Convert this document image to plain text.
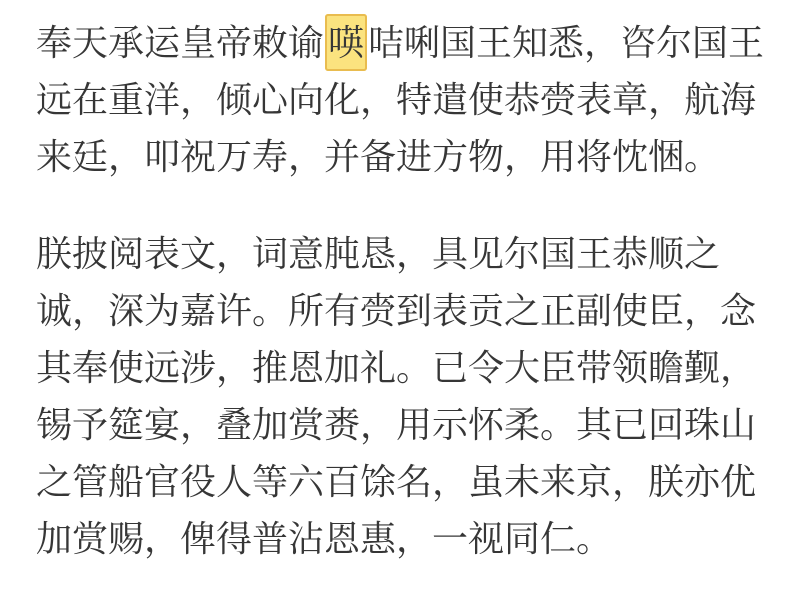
奉天承运皇帝敕谕 𠸄 咭唎国王知悉，咨尔国王
远在重洋，倾心向化，特遣使恭赍表章，航海
来廷，叩祝万寿，并备进方物，用将忱悃。
朕披阅表文，词意肫恳，具见尔国王恭顺之
诚，深为嘉许。所有赍到表贡之正副使臣，念
其奉使远涉，推恩加礼。已令大臣带领瞻觐，
锡予筵宴，叠加赏赉，用示怀柔。其已回珠山
之管船官役人等六百馀名，虽未来京，朕亦优
加赏赐，俾得普沾恩惠，一视同仁。
